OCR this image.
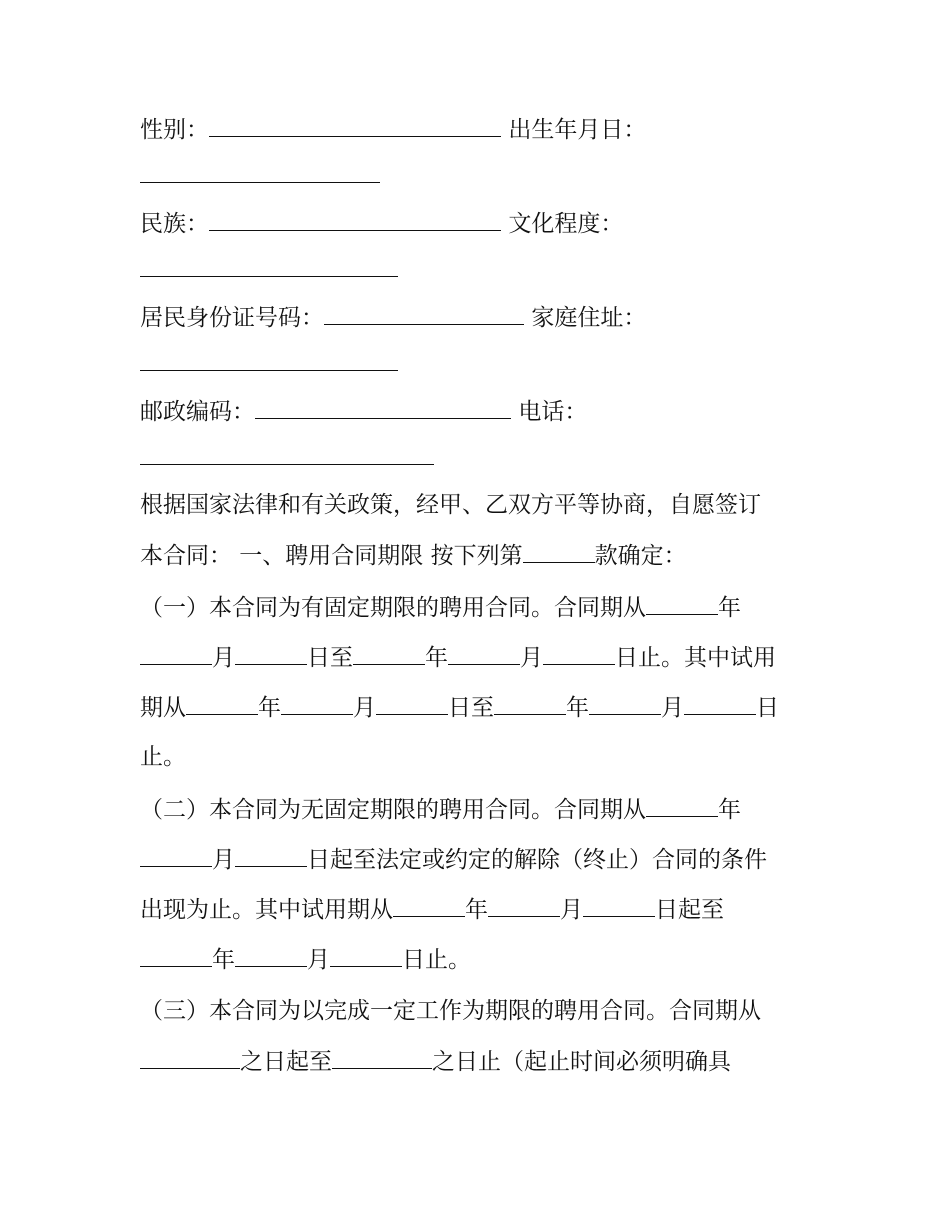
性别：	出生年月日：
民族：	文化程度：
居民身份证号码：	家庭住址：
邮政编码：	电话：
根据国家法律和有关政策，经甲、乙双方平等协商，自愿签订
本合同： 一、聘用合同期限 按下列第	款确定：
（一）本合同为有固定期限的聘用合同。合同期从	年
月	日至	年	月	日止。其中试用
期从	年	月	日至	年	月	日
止。
（二）本合同为无固定期限的聘用合同。合同期从	年
月	日起至法定或约定的解除（终止）合同的条件
出现为止。其中试用期从	年	月	日起至
年	月	日止。
（三）本合同为以完成一定工作为期限的聘用合同。合同期从
之日起至	之日止（起止时间必须明确具
